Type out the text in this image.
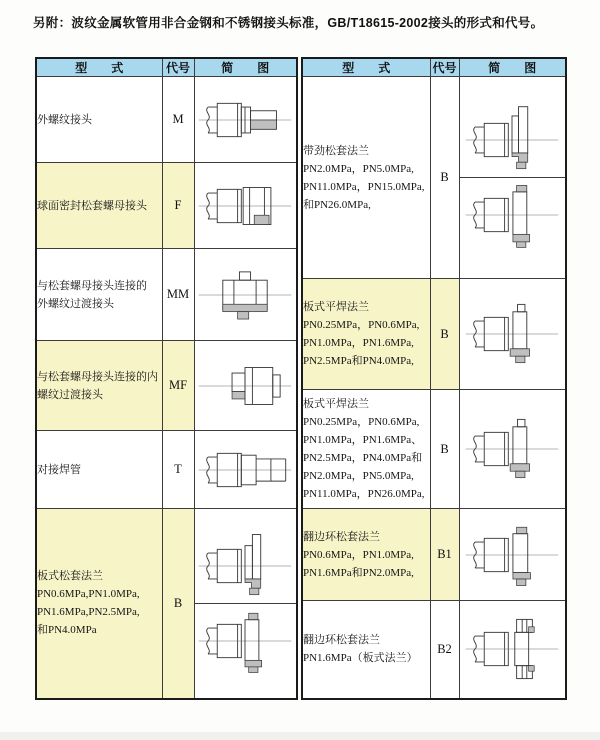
另附：波纹金属软管用非合金钢和不锈钢接头标准，GB/T18615-2002接头的形式和代号。
型　　式	代号	简　　图

外螺纹接头	M	

球面密封松套螺母接头	F	

与松套螺母接头连接的
外螺纹过渡接头	MM	

与松套螺母接头连接的内
螺纹过渡接头	MF	

对接焊管	T	

板式松套法兰
PN0.6MPa,PN1.0MPa,
PN1.6MPa,PN2.5MPa,
和PN4.0MPa	B	
型　　式	代号	简　　图

带劲松套法兰
PN2.0MPa，PN5.0MPa,
PN11.0MPa，PN15.0MPa,
和PN26.0MPa,	B	

板式平焊法兰
PN0.25MPa，PN0.6MPa,
PN1.0MPa，PN1.6MPa,
PN2.5MPa和PN4.0MPa,	B	

板式平焊法兰
PN0.25MPa，PN0.6MPa,
PN1.0MPa，PN1.6MPa、
PN2.5MPa，PN4.0MPa和
PN2.0MPa，PN5.0MPa,
PN11.0MPa，PN26.0MPa,
	B	

翻边环松套法兰
PN0.6MPa，PN1.0MPa,
PN1.6MPa和PN2.0MPa,	B1	

翻边环松套法兰
PN1.6MPa（板式法兰）	B2	
